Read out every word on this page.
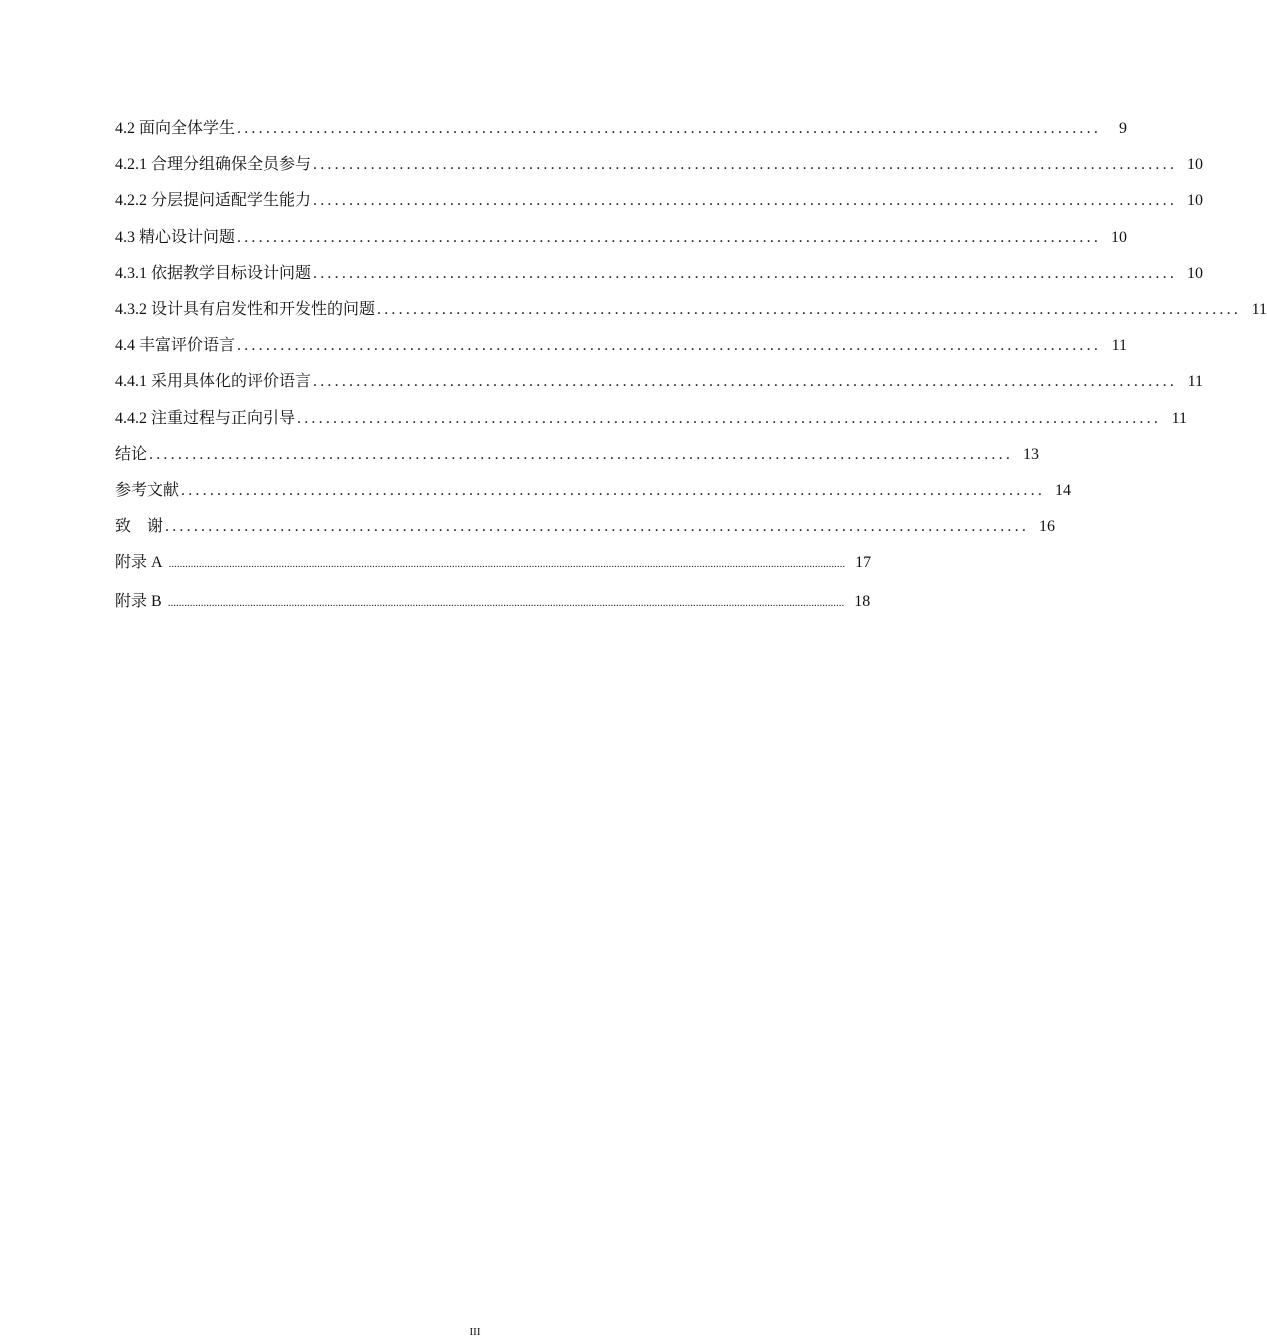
4.2 面向全体学生 ........................................................................................................................	9
4.2.1 合理分组确保全员参与 ........................................................................................................................ 10
4.2.2 分层提问适配学生能力 ........................................................................................................................ 10
4.3 精心设计问题 ........................................................................................................................ 10
4.3.1 依据教学目标设计问题 ........................................................................................................................ 10
4.3.2 设计具有启发性和开发性的问题 ........................................................................................................................ 11
4.4 丰富评价语言 ........................................................................................................................ 11
4.4.1 采用具体化的评价语言 ........................................................................................................................ 11
4.4.2 注重过程与正向引导 ........................................................................................................................ 11
结论 ........................................................................................................................ 13
参考文献 ........................................................................................................................ 14
致　谢 ........................................................................................................................ 16
附录 A ...................................................................................................................................................................................................................................................... 17
附录 B ...................................................................................................................................................................................................................................................... 18
III
